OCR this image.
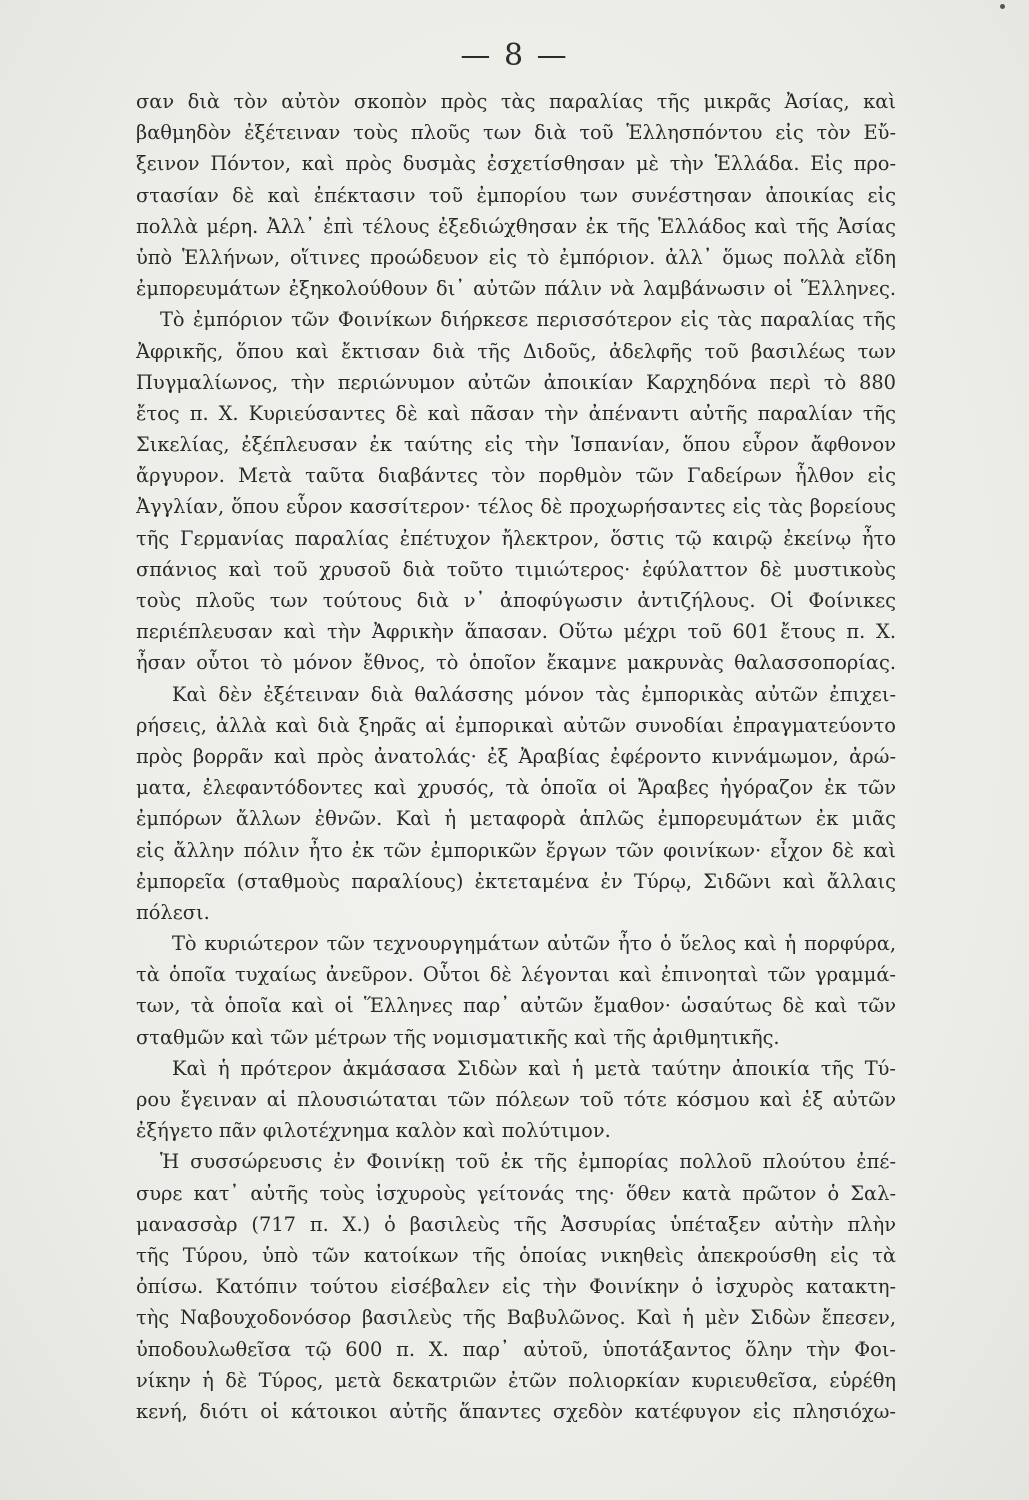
— 8 —
σαν διὰ τὸν αὐτὸν σκοπὸν πρὸς τὰς παραλίας τῆς μικρᾶς Ἀσίας, καὶ
βαθμηδὸν ἐξέτειναν τοὺς πλοῦς των διὰ τοῦ Ἑλλησπόντου εἰς τὸν Εὔ-
ξεινον Πόντον, καὶ πρὸς δυσμὰς ἐσχετίσθησαν μὲ τὴν Ἑλλάδα. Εἰς προ-
στασίαν δὲ καὶ ἐπέκτασιν τοῦ ἐμπορίου των συνέστησαν ἀποικίας εἰς
πολλὰ μέρη. Ἀλλ᾿ ἐπὶ τέλους ἐξεδιώχθησαν ἐκ τῆς Ἑλλάδος καὶ τῆς Ἀσίας
ὑπὸ Ἑλλήνων, οἵτινες προώδευον εἰς τὸ ἐμπόριον. ἀλλ᾿ ὅμως πολλὰ εἴδη
ἐμπορευμάτων ἐξηκολούθουν δι᾿ αὐτῶν πάλιν νὰ λαμβάνωσιν οἱ Ἕλληνες.
Τὸ ἐμπόριον τῶν Φοινίκων διήρκεσε περισσότερον εἰς τὰς παραλίας τῆς
Ἀφρικῆς, ὅπου καὶ ἔκτισαν διὰ τῆς Διδοῦς, ἀδελφῆς τοῦ βασιλέως των
Πυγμαλίωνος, τὴν περιώνυμον αὐτῶν ἀποικίαν Καρχηδόνα περὶ τὸ 880
ἔτος π. Χ. Κυριεύσαντες δὲ καὶ πᾶσαν τὴν ἀπέναντι αὐτῆς παραλίαν τῆς
Σικελίας, ἐξέπλευσαν ἐκ ταύτης εἰς τὴν Ἱσπανίαν, ὅπου εὗρον ἄφθονον
ἄργυρον. Μετὰ ταῦτα διαβάντες τὸν πορθμὸν τῶν Γαδείρων ἦλθον εἰς
Ἀγγλίαν, ὅπου εὗρον κασσίτερον· τέλος δὲ προχωρήσαντες εἰς τὰς βορείους
τῆς Γερμανίας παραλίας ἐπέτυχον ἤλεκτρον, ὅστις τῷ καιρῷ ἐκείνῳ ἦτο
σπάνιος καὶ τοῦ χρυσοῦ διὰ τοῦτο τιμιώτερος· ἐφύλαττον δὲ μυστικοὺς
τοὺς πλοῦς των τούτους διὰ ν᾿ ἀποφύγωσιν ἀντιζήλους. Οἱ Φοίνικες
περιέπλευσαν καὶ τὴν Ἀφρικὴν ἅπασαν. Οὕτω μέχρι τοῦ 601 ἔτους π. Χ.
ἦσαν οὗτοι τὸ μόνον ἔθνος, τὸ ὁποῖον ἔκαμνε μακρυνὰς θαλασσοπορίας.
Καὶ δὲν ἐξέτειναν διὰ θαλάσσης μόνον τὰς ἐμπορικὰς αὐτῶν ἐπιχει-
ρήσεις, ἀλλὰ καὶ διὰ ξηρᾶς αἱ ἐμπορικαὶ αὐτῶν συνοδίαι ἐπραγματεύοντο
πρὸς βορρᾶν καὶ πρὸς ἀνατολάς· ἐξ Ἀραβίας ἐφέροντο κιννάμωμον, ἀρώ-
ματα, ἐλεφαντόδοντες καὶ χρυσός, τὰ ὁποῖα οἱ Ἄραβες ἠγόραζον ἐκ τῶν
ἐμπόρων ἄλλων ἐθνῶν. Καὶ ἡ μεταφορὰ ἁπλῶς ἐμπορευμάτων ἐκ μιᾶς
εἰς ἄλλην πόλιν ἦτο ἐκ τῶν ἐμπορικῶν ἔργων τῶν φοινίκων· εἶχον δὲ καὶ
ἐμπορεῖα (σταθμοὺς παραλίους) ἐκτεταμένα ἐν Τύρῳ, Σιδῶνι καὶ ἄλλαις
πόλεσι.
Τὸ κυριώτερον τῶν τεχνουργημάτων αὐτῶν ἦτο ὁ ὕελος καὶ ἡ πορφύρα,
τὰ ὁποῖα τυχαίως ἀνεῦρον. Οὗτοι δὲ λέγονται καὶ ἐπινοηταὶ τῶν γραμμά-
των, τὰ ὁποῖα καὶ οἱ Ἕλληνες παρ᾿ αὐτῶν ἔμαθον· ὡσαύτως δὲ καὶ τῶν
σταθμῶν καὶ τῶν μέτρων τῆς νομισματικῆς καὶ τῆς ἀριθμητικῆς.
Καὶ ἡ πρότερον ἀκμάσασα Σιδὼν καὶ ἡ μετὰ ταύτην ἀποικία τῆς Τύ-
ρου ἔγειναν αἱ πλουσιώταται τῶν πόλεων τοῦ τότε κόσμου καὶ ἐξ αὐτῶν
ἐξήγετο πᾶν φιλοτέχνημα καλὸν καὶ πολύτιμον.
Ἡ συσσώρευσις ἐν Φοινίκῃ τοῦ ἐκ τῆς ἐμπορίας πολλοῦ πλούτου ἐπέ-
συρε κατ᾿ αὐτῆς τοὺς ἰσχυροὺς γείτονάς της· ὅθεν κατὰ πρῶτον ὁ Σαλ-
μανασσὰρ (717 π. Χ.) ὁ βασιλεὺς τῆς Ἀσσυρίας ὑπέταξεν αὐτὴν πλὴν
τῆς Τύρου, ὑπὸ τῶν κατοίκων τῆς ὁποίας νικηθεὶς ἀπεκρούσθη εἰς τὰ
ὀπίσω. Κατόπιν τούτου εἰσέβαλεν εἰς τὴν Φοινίκην ὁ ἰσχυρὸς κατακτη-
τὴς Ναβουχοδονόσορ βασιλεὺς τῆς Βαβυλῶνος. Καὶ ἡ μὲν Σιδὼν ἔπεσεν,
ὑποδουλωθεῖσα τῷ 600 π. Χ. παρ᾿ αὐτοῦ, ὑποτάξαντος ὅλην τὴν Φοι-
νίκην ἡ δὲ Τύρος, μετὰ δεκατριῶν ἐτῶν πολιορκίαν κυριευθεῖσα, εὑρέθη
κενή, διότι οἱ κάτοικοι αὐτῆς ἅπαντες σχεδὸν κατέφυγον εἰς πλησιόχω-
